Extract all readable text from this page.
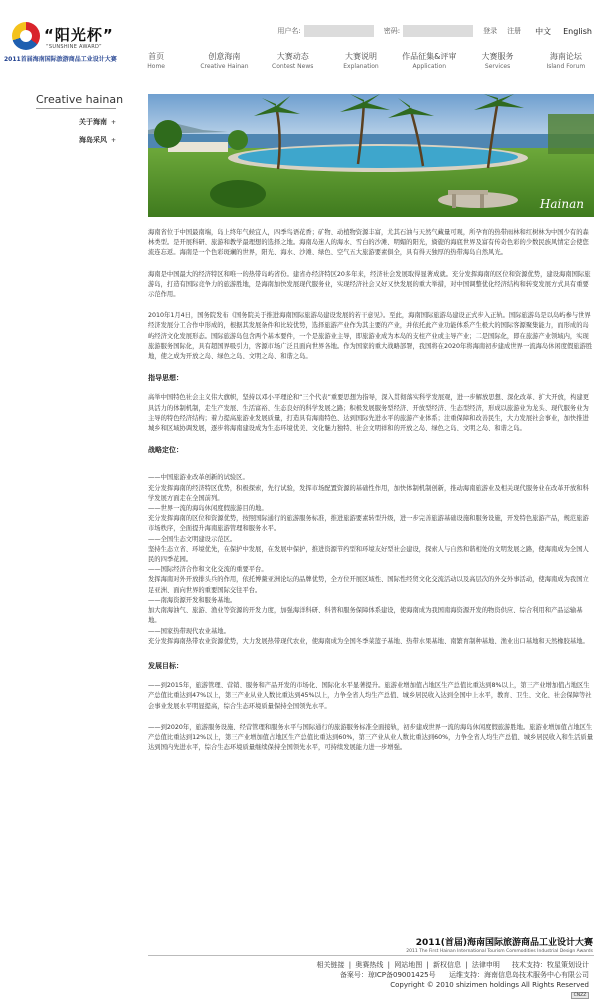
“阳光杯”
“SUNSHINE AWARD”
2011首届海南国际旅游商品工业设计大赛
用户名:	密码:	登录 注册 中文 English
首页
Home
创意海南
Creative Hainan
大赛动态
Contest News
大赛说明
Explanation
作品征集&评审
Application
大赛服务
Services
海南论坛
Island Forum
Creative hainan
关于海南 +
海岛采风 +
Hainan

海南省位于中国最南端，岛上终年气候宜人，四季鸟语花香；矿物、动植物资源丰富，尤其石油与天然气藏量可观，所孕育的热带雨林和红树林为中国少有的森林类型。是开展科研、旅游和教学最理想的选择之地。海南岛迷人的海水、雪白的沙滩、明媚的阳光，旖旎的海底世界及富有传奇色彩的少数民族风情定会使您流连忘返。海南是一个色彩斑斓的世界，阳光、海水、沙滩、绿色、空气五大旅游要素俱全，具有得天独厚的热带海岛自然风光。

海南是中国最大的经济特区和唯一的热带岛屿省份。建省办经济特区20多年来，经济社会发展取得显著成就。充分发挥海南的区位和资源优势，建设海南国际旅游岛，打造有国际竞争力的旅游胜地，是海南加快发展现代服务业，实现经济社会又好又快发展的重大举措，对中国调整优化经济结构和转变发展方式具有重要示范作用。

2010年1月4日，国务院发布《国务院关于推进海南国际旅游岛建设发展的若干意见》。至此，海南国际旅游岛建设正式步入正轨。国际旅游岛是以岛屿参与世界经济发展分工合作中形成的，根据其发展条件和比较优势，选择旅游产业作为其主要的产业，并依托此产业功能体系产生极大的国际客源聚集能力，而形成的岛屿经济文化发展形态。国际旅游岛包含两个基本要件，一个是旅游业主导，即旅游业成为本岛的支柱产业或主导产业；二是国际化，即在旅游产业领域内，实现旅游服务国际化，具有超国界吸引力，客源市场广泛且面向世界各地。作为国家的重大战略部署，我国将在2020年将海南初步建成世界一流海岛休闲度假旅游胜地，使之成为开放之岛、绿色之岛、文明之岛、和谐之岛。

指导思想：

高举中国特色社会主义伟大旗帜，坚持以邓小平理论和“三个代表”重要思想为指导，深入贯彻落实科学发展观，进一步解放思想、深化改革、扩大开放，构建更具活力的体制机制，走生产发展、生活富裕、生态良好的科学发展之路；积极发展服务型经济、开放型经济、生态型经济，形成以旅游业为龙头、现代服务业为主导的特色经济结构；着力提高旅游业发展质量，打造具有海南特色、达到国际先进水平的旅游产业体系；注重保障和改善民生，大力发展社会事业，加快推进城乡和区域协调发展，逐步将海南建设成为生态环境优美、文化魅力独特、社会文明祥和的开放之岛、绿色之岛、文明之岛、和谐之岛。

战略定位：
——中国旅游业改革创新的试验区。
充分发挥海南的经济特区优势，积极探索，先行试验，发挥市场配置资源的基础性作用，加快体制机制创新，推动海南旅游业及相关现代服务业在改革开放和科学发展方面走在全国前列。
——世界一流的海岛休闲度假旅游目的地。
充分发挥海南的区位和资源优势，按照国际通行的旅游服务标准，推进旅游要素转型升级，进一步完善旅游基础设施和服务设施，开发特色旅游产品，规范旅游市场秩序，全面提升海南旅游管理和服务水平。
——全国生态文明建设示范区。
坚持生态立省、环境优先，在保护中发展，在发展中保护，推进资源节约型和环境友好型社会建设，探索人与自然和谐相处的文明发展之路，使海南成为全国人民的四季花园。
——国际经济合作和文化交流的重要平台。
发挥海南对外开放排头兵的作用，依托博鳌亚洲论坛的品牌优势，全方位开展区域性、国际性经贸文化交流活动以及高层次的外交外事活动，使海南成为我国立足亚洲、面向世界的重要国际交往平台。
——南海资源开发和服务基地。
加大南海油气、旅游、渔业等资源的开发力度，加强海洋科研、科普和服务保障体系建设，使海南成为我国南海资源开发的物资供应、综合利用和产品运输基地。
——国家热带现代农业基地。
充分发挥海南热带农业资源优势，大力发展热带现代农业，使海南成为全国冬季菜篮子基地、热带水果基地、南繁育制种基地、渔业出口基地和天然橡胶基地。
发展目标：

——到2015年，旅游管理、营销、服务和产品开发的市场化、国际化水平显著提升。旅游业增加值占地区生产总值比重达到8%以上，第三产业增加值占地区生产总值比重达到47%以上，第三产业从业人数比重达到45%以上，力争全省人均生产总值、城乡居民收入达到全国中上水平，教育、卫生、文化、社会保障等社会事业发展水平明显提高，综合生态环境质量保持全国领先水平。

——到2020年，旅游服务设施、经营管理和服务水平与国际通行的旅游服务标准全面接轨，初步建成世界一流的海岛休闲度假旅游胜地。旅游业增加值占地区生产总值比重达到12%以上，第三产业增加值占地区生产总值比重达到60%，第三产业从业人数比重达到60%，力争全省人均生产总值、城乡居民收入和生活质量达到国内先进水平，综合生态环境质量继续保持全国领先水平，可持续发展能力进一步增强。

2011(首届)海南国际旅游商品工业设计大赛
2011 The First Hainan International Tourism Commodities Industrial Design Awards
相关链接 | 奥赛热线 | 网站地图 | 新权信息 | 法律申明 技术支持：牧星策划设计
备案号：琼ICP备09001425号 运维支持：海南信息岛技术服务中心有限公司
Copyright © 2010 shizimen holdings All Rights Reserved
CNZZ
